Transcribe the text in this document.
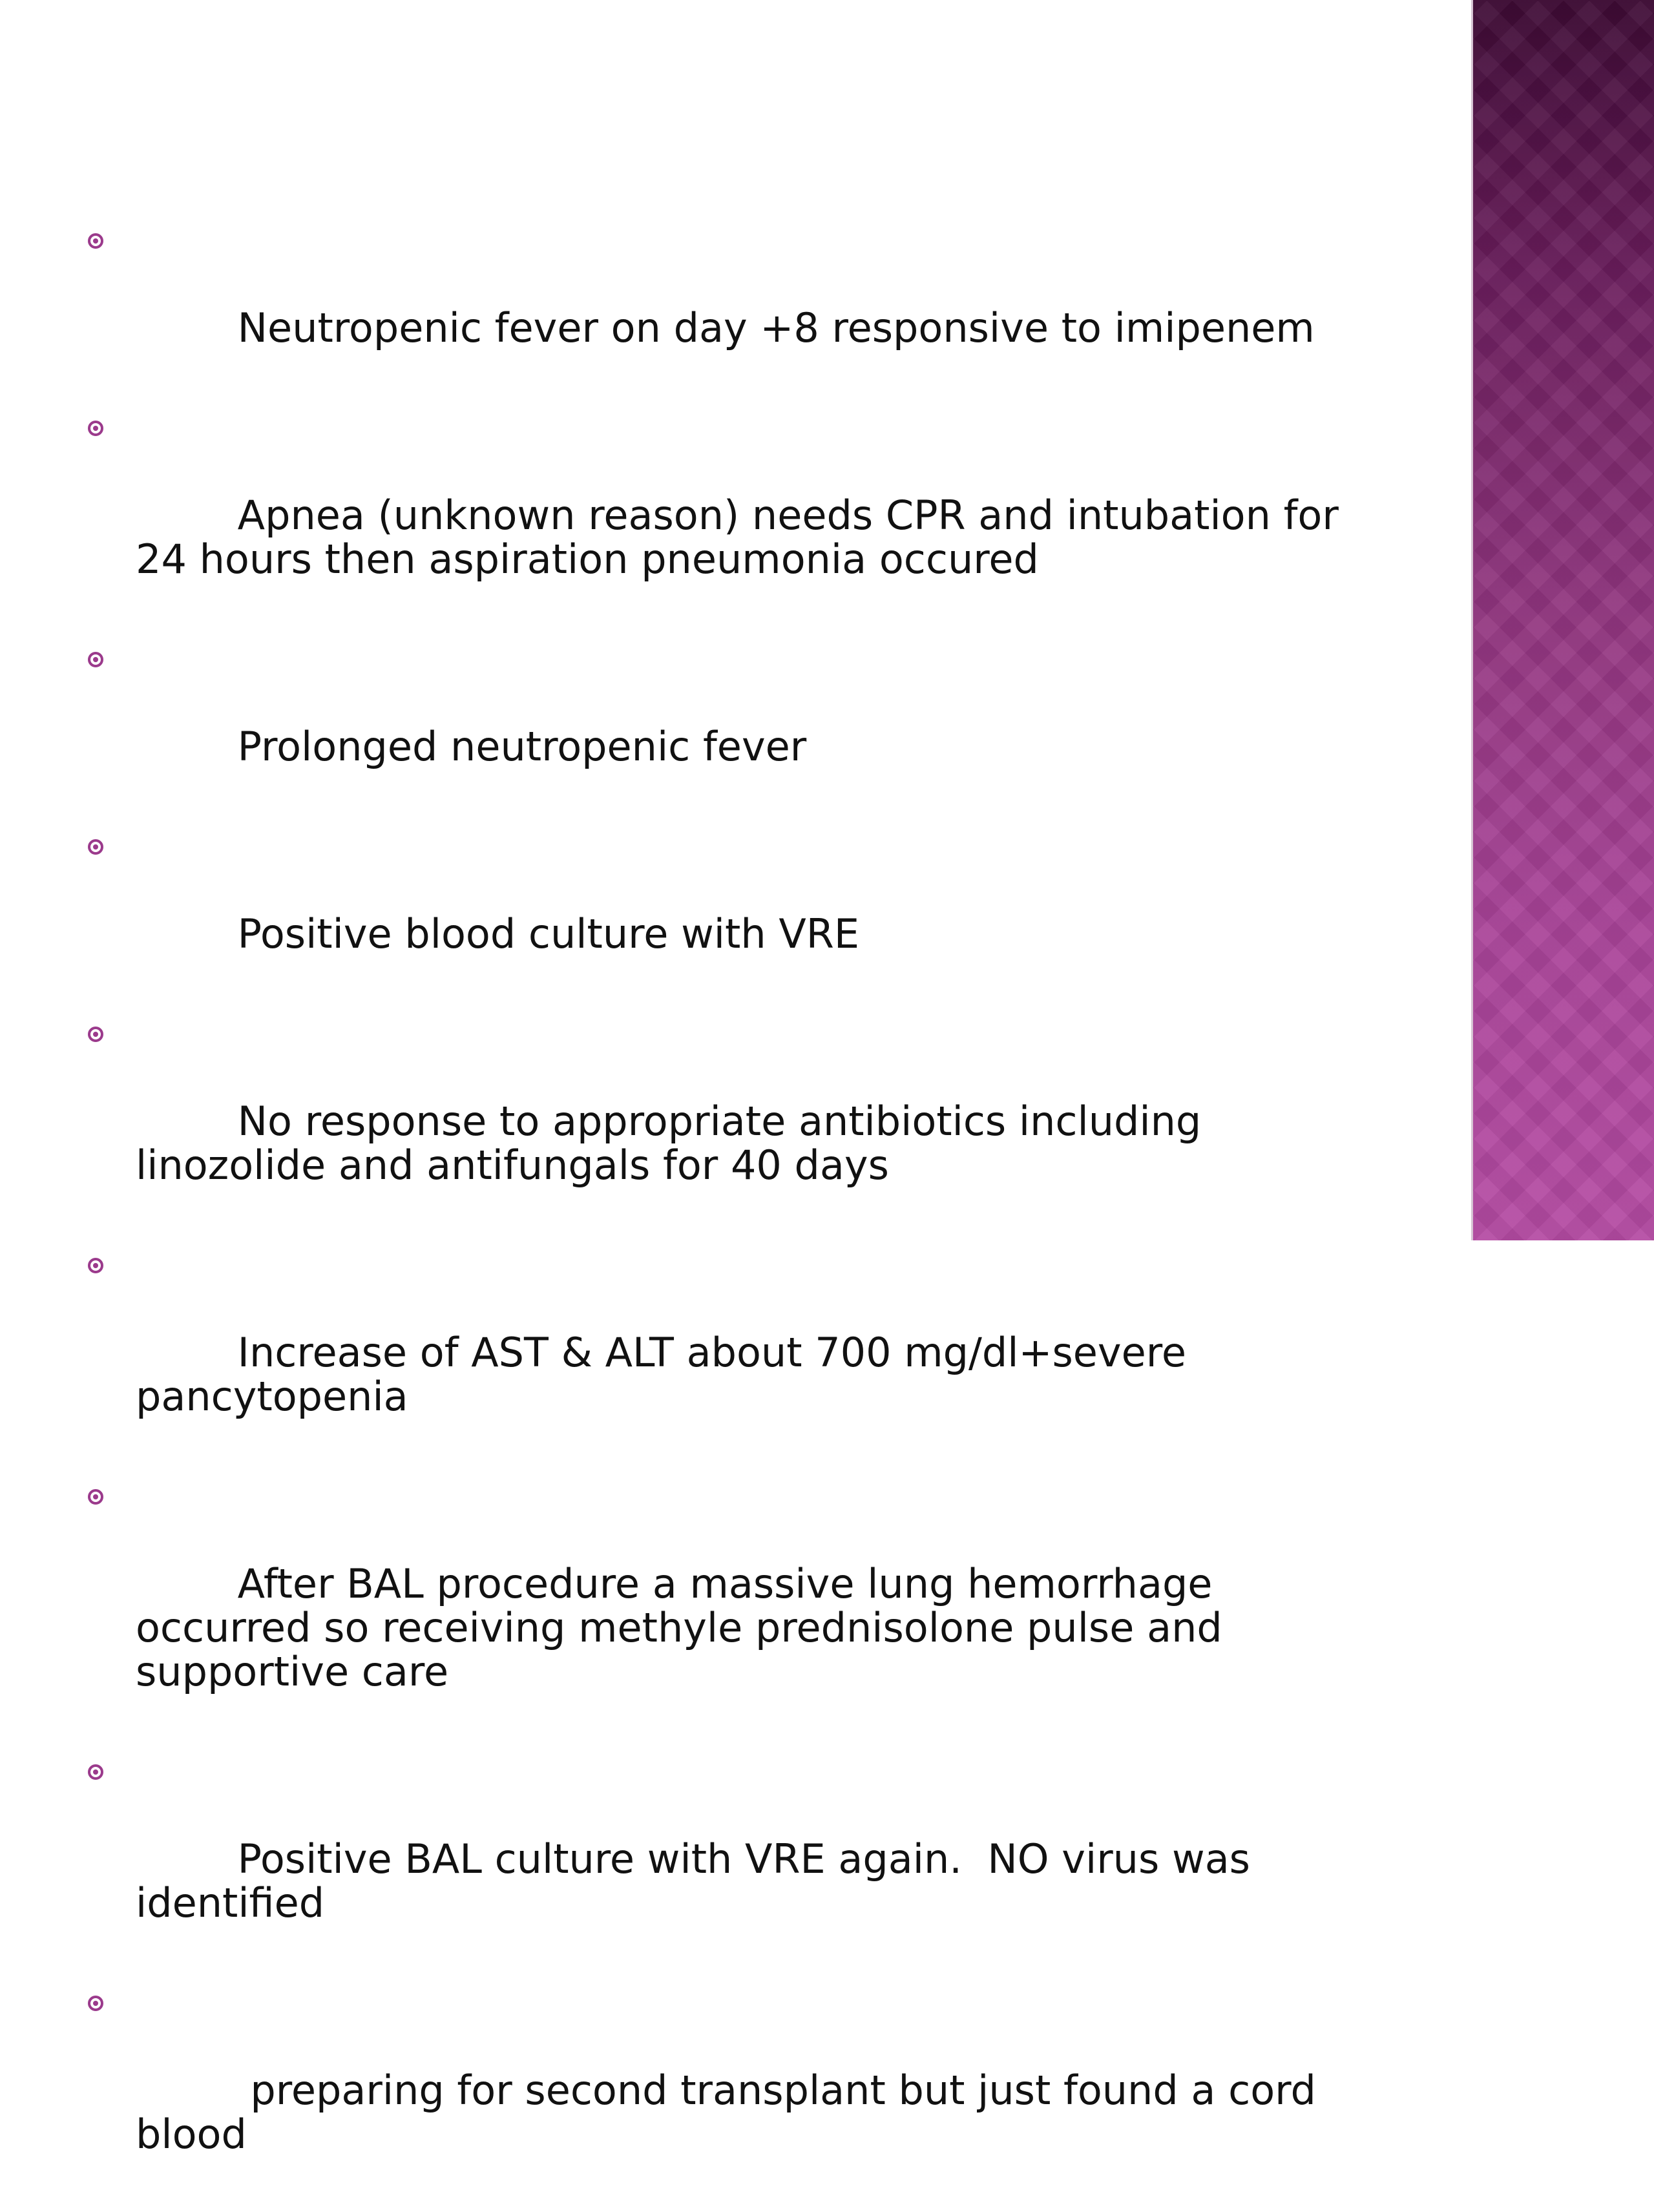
Neutropenic fever on day +8 responsive to imipenem

Apnea (unknown reason) needs CPR and intubation for 24 hours then aspiration pneumonia occured

Prolonged neutropenic fever

Positive blood culture with VRE

No response to appropriate antibiotics including linozolide and antifungals for 40 days

Increase of AST & ALT about 700 mg/dl+severe pancytopenia

After BAL procedure a massive lung hemorrhage occurred so receiving methyle prednisolone pulse and supportive care

Positive BAL culture with VRE again.  NO virus was identified

preparing for second transplant but just found a cord blood
